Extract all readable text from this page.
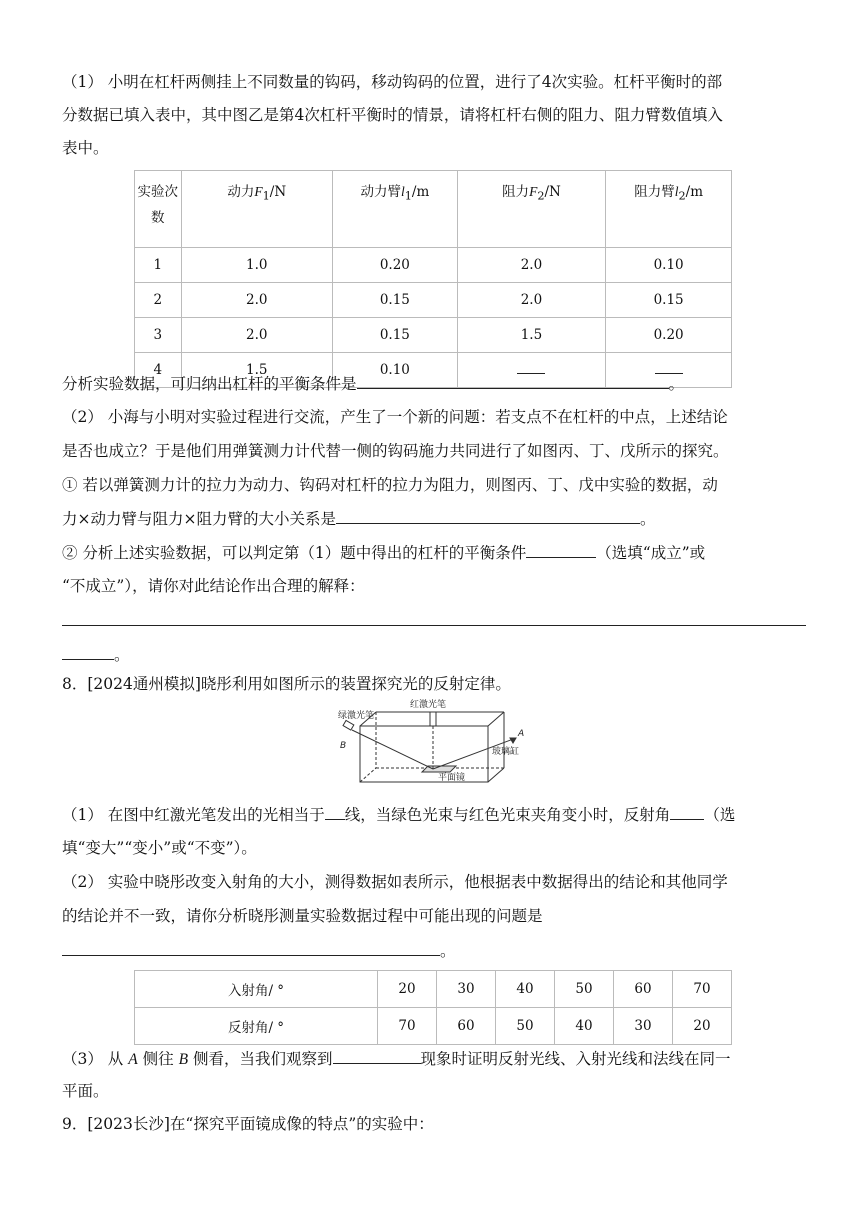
（1） 小明在杠杆两侧挂上不同数量的钩码，移动钩码的位置，进行了4次实验。杠杆平衡时的部
分数据已填入表中，其中图乙是第4次杠杆平衡时的情景，请将杠杆右侧的阻力、阻力臂数值填入
表中。
实验次
数	动力$F_1/N$	动力臂$l_1/m$	阻力$F_2/N$	阻力臂$l_2/m$
1	1.0	0.20	2.0	0.10
2	2.0	0.15	2.0	0.15
3	2.0	0.15	1.5	0.20
4	1.5	0.10		
分析实验数据，可归纳出杠杆的平衡条件是	。
（2） 小海与小明对实验过程进行交流，产生了一个新的问题：若支点不在杠杆的中点，上述结论
是否也成立？于是他们用弹簧测力计代替一侧的钩码施力共同进行了如图丙、丁、戊所示的探究。
① 若以弹簧测力计的拉力为动力、钩码对杠杆的拉力为阻力，则图丙、丁、戊中实验的数据，动
力×动力臂与阻力×阻力臂的大小关系是	。
② 分析上述实验数据，可以判定第（1）题中得出的杠杆的平衡条件	（选填“成立”或
“不成立”），请你对此结论作出合理的解释：
。
8．[2024通州模拟]晓彤利用如图所示的装置探究光的反射定律。
红激光笔
绿激光笔
B
A
玻璃缸
平面镜
（1） 在图中红激光笔发出的光相当于 线，当绿色光束与红色光束夹角变小时，反射角 （选
填“变大”“变小”或“不变”）。
（2） 实验中晓彤改变入射角的大小，测得数据如表所示，他根据表中数据得出的结论和其他同学
的结论并不一致，请你分析晓彤测量实验数据过程中可能出现的问题是
。
入射角/ °	20	30	40	50	60	70
反射角/ °	70	60	50	40	30	20
（3） 从 A 侧往 B 侧看，当我们观察到	现象时证明反射光线、入射光线和法线在同一
平面。
9．[2023长沙]在“探究平面镜成像的特点”的实验中：
